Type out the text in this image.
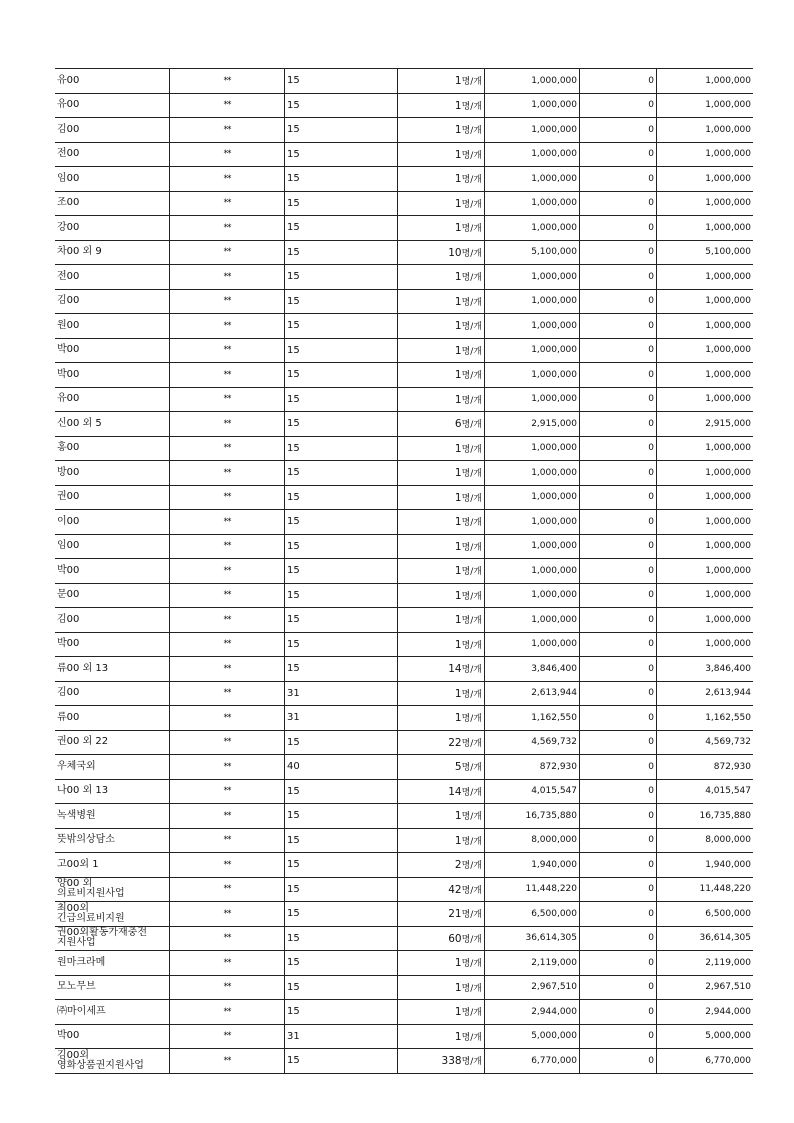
유00	**	15	1명/개	1,000,000	0	1,000,000
유00	**	15	1명/개	1,000,000	0	1,000,000
김00	**	15	1명/개	1,000,000	0	1,000,000
전00	**	15	1명/개	1,000,000	0	1,000,000
임00	**	15	1명/개	1,000,000	0	1,000,000
조00	**	15	1명/개	1,000,000	0	1,000,000
강00	**	15	1명/개	1,000,000	0	1,000,000
차00 외 9	**	15	10명/개	5,100,000	0	5,100,000
전00	**	15	1명/개	1,000,000	0	1,000,000
김00	**	15	1명/개	1,000,000	0	1,000,000
원00	**	15	1명/개	1,000,000	0	1,000,000
박00	**	15	1명/개	1,000,000	0	1,000,000
박00	**	15	1명/개	1,000,000	0	1,000,000
유00	**	15	1명/개	1,000,000	0	1,000,000
신00 외 5	**	15	6명/개	2,915,000	0	2,915,000
홍00	**	15	1명/개	1,000,000	0	1,000,000
방00	**	15	1명/개	1,000,000	0	1,000,000
권00	**	15	1명/개	1,000,000	0	1,000,000
이00	**	15	1명/개	1,000,000	0	1,000,000
임00	**	15	1명/개	1,000,000	0	1,000,000
박00	**	15	1명/개	1,000,000	0	1,000,000
문00	**	15	1명/개	1,000,000	0	1,000,000
김00	**	15	1명/개	1,000,000	0	1,000,000
박00	**	15	1명/개	1,000,000	0	1,000,000
류00 외 13	**	15	14명/개	3,846,400	0	3,846,400
김00	**	31	1명/개	2,613,944	0	2,613,944
류00	**	31	1명/개	1,162,550	0	1,162,550
권00 외 22	**	15	22명/개	4,569,732	0	4,569,732
우체국외	**	40	5명/개	872,930	0	872,930
나00 외 13	**	15	14명/개	4,015,547	0	4,015,547
녹색병원	**	15	1명/개	16,735,880	0	16,735,880
뜻밖의상담소	**	15	1명/개	8,000,000	0	8,000,000
고00외 1	**	15	2명/개	1,940,000	0	1,940,000
양00 외
의료비지원사업	**	15	42명/개	11,448,220	0	11,448,220
최00외
긴급의료비지원	**	15	21명/개	6,500,000	0	6,500,000
권00외활동가재충전
지원사업	**	15	60명/개	36,614,305	0	36,614,305
원마크라메	**	15	1명/개	2,119,000	0	2,119,000
모노무브	**	15	1명/개	2,967,510	0	2,967,510
㈜마이세프	**	15	1명/개	2,944,000	0	2,944,000
박00	**	31	1명/개	5,000,000	0	5,000,000
김00외
영화상품권지원사업	**	15	338명/개	6,770,000	0	6,770,000
